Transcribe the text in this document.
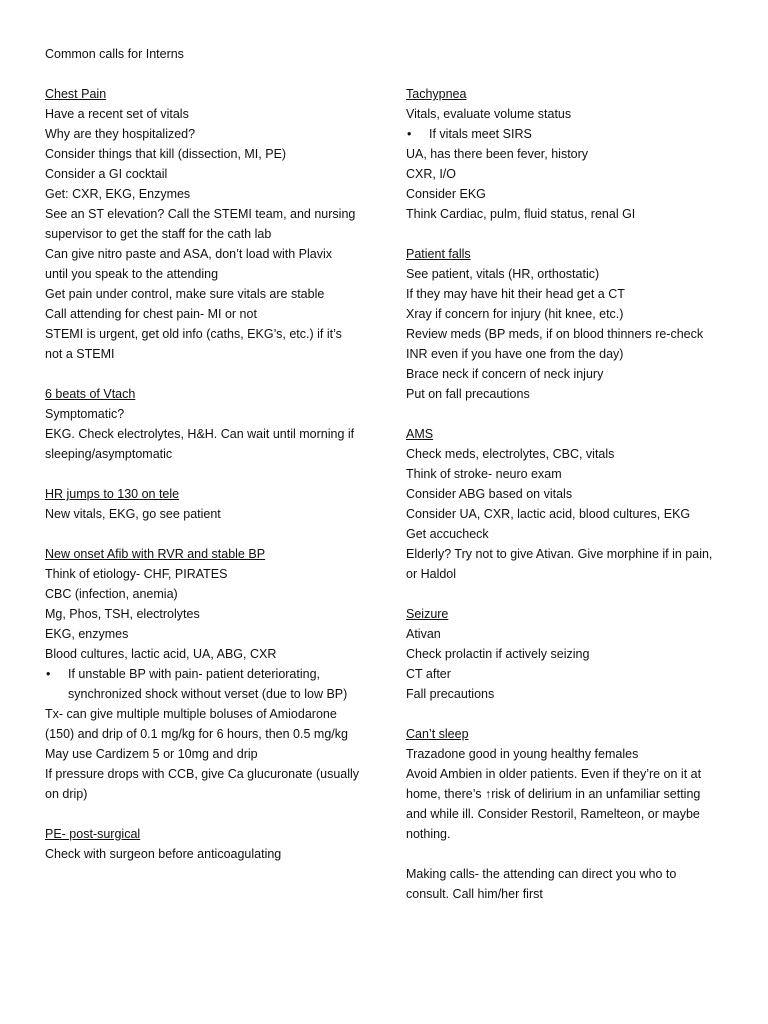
Common calls for Interns
Chest Pain
Have a recent set of vitals
Why are they hospitalized?
Consider things that kill (dissection, MI, PE)
Consider a GI cocktail
Get: CXR, EKG, Enzymes
See an ST elevation? Call the STEMI team, and nursing
supervisor to get the staff for the cath lab
Can give nitro paste and ASA, don’t load with Plavix
until you speak to the attending
Get pain under control, make sure vitals are stable
Call attending for chest pain- MI or not
STEMI is urgent, get old info (caths, EKG’s, etc.) if it’s
not a STEMI
6 beats of Vtach
Symptomatic?
EKG. Check electrolytes, H&H. Can wait until morning if
sleeping/asymptomatic
HR jumps to 130 on tele
New vitals, EKG, go see patient
New onset Afib with RVR and stable BP
Think of etiology- CHF, PIRATES
CBC (infection, anemia)
Mg, Phos, TSH, electrolytes
EKG, enzymes
Blood cultures, lactic acid, UA, ABG, CXR
• If unstable BP with pain- patient deteriorating,
synchronized shock without verset (due to low BP)
Tx- can give multiple multiple boluses of Amiodarone
(150) and drip of 0.1 mg/kg for 6 hours, then 0.5 mg/kg
May use Cardizem 5 or 10mg and drip
If pressure drops with CCB, give Ca glucuronate (usually
on drip)
PE- post-surgical
Check with surgeon before anticoagulating
Tachypnea
Vitals, evaluate volume status
• If vitals meet SIRS
UA, has there been fever, history
CXR, I/O
Consider EKG
Think Cardiac, pulm, fluid status, renal GI
Patient falls
See patient, vitals (HR, orthostatic)
If they may have hit their head get a CT
Xray if concern for injury (hit knee, etc.)
Review meds (BP meds, if on blood thinners re-check
INR even if you have one from the day)
Brace neck if concern of neck injury
Put on fall precautions
AMS
Check meds, electrolytes, CBC, vitals
Think of stroke- neuro exam
Consider ABG based on vitals
Consider UA, CXR, lactic acid, blood cultures, EKG
Get accucheck
Elderly? Try not to give Ativan. Give morphine if in pain,
or Haldol
Seizure
Ativan
Check prolactin if actively seizing
CT after
Fall precautions
Can’t sleep
Trazadone good in young healthy females
Avoid Ambien in older patients. Even if they’re on it at
home, there’s ↑risk of delirium in an unfamiliar setting
and while ill. Consider Restoril, Ramelteon, or maybe
nothing.
Making calls- the attending can direct you who to
consult. Call him/her first
